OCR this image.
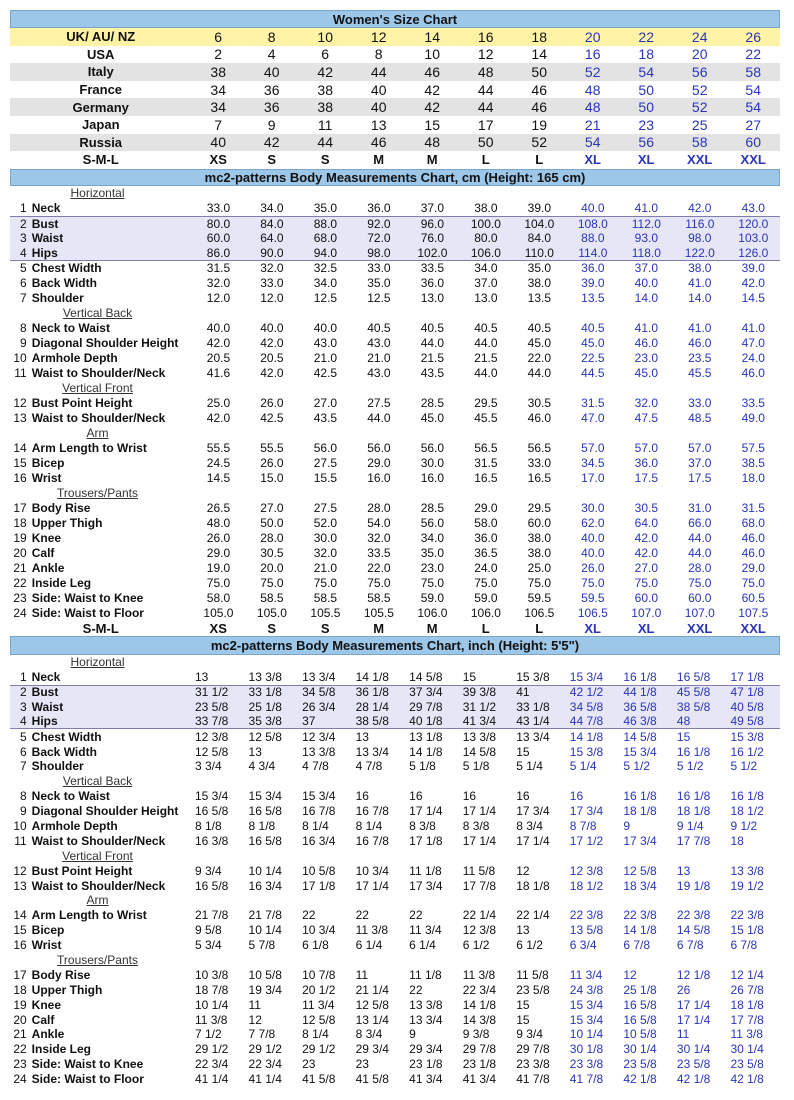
Women's Size Chart
UK/ AU/ NZ	6	8	10	12	14	16	18	20	22	24	26
USA	2	4	6	8	10	12	14	16	18	20	22
Italy	38	40	42	44	46	48	50	52	54	56	58
France	34	36	38	40	42	44	46	48	50	52	54
Germany	34	36	38	40	42	44	46	48	50	52	54
Japan	7	9	11	13	15	17	19	21	23	25	27
Russia	40	42	44	46	48	50	52	54	56	58	60
S-M-L	XS	S	S	M	M	L	L	XL	XL	XXL	XXL
mc2-patterns Body Measurements Chart, cm (Height: 165 cm)
Horizontal
1 Neck	33.0	34.0	35.0	36.0	37.0	38.0	39.0	40.0	41.0	42.0	43.0
2 Bust	80.0	84.0	88.0	92.0	96.0	100.0	104.0	108.0	112.0	116.0	120.0
3 Waist	60.0	64.0	68.0	72.0	76.0	80.0	84.0	88.0	93.0	98.0	103.0
4 Hips	86.0	90.0	94.0	98.0	102.0	106.0	110.0	114.0	118.0	122.0	126.0
5 Chest Width	31.5	32.0	32.5	33.0	33.5	34.0	35.0	36.0	37.0	38.0	39.0
6 Back Width	32.0	33.0	34.0	35.0	36.0	37.0	38.0	39.0	40.0	41.0	42.0
7 Shoulder	12.0	12.0	12.5	12.5	13.0	13.0	13.5	13.5	14.0	14.0	14.5
Vertical Back
8 Neck to Waist	40.0	40.0	40.0	40.5	40.5	40.5	40.5	40.5	41.0	41.0	41.0
9 Diagonal Shoulder Height	42.0	42.0	43.0	43.0	44.0	44.0	45.0	45.0	46.0	46.0	47.0
10 Armhole Depth	20.5	20.5	21.0	21.0	21.5	21.5	22.0	22.5	23.0	23.5	24.0
11 Waist to Shoulder/Neck	41.6	42.0	42.5	43.0	43.5	44.0	44.0	44.5	45.0	45.5	46.0
Vertical Front
12 Bust Point Height	25.0	26.0	27.0	27.5	28.5	29.5	30.5	31.5	32.0	33.0	33.5
13 Waist to Shoulder/Neck	42.0	42.5	43.5	44.0	45.0	45.5	46.0	47.0	47.5	48.5	49.0
Arm
14 Arm Length to Wrist	55.5	55.5	56.0	56.0	56.0	56.5	56.5	57.0	57.0	57.0	57.5
15 Bicep	24.5	26.0	27.5	29.0	30.0	31.5	33.0	34.5	36.0	37.0	38.5
16 Wrist	14.5	15.0	15.5	16.0	16.0	16.5	16.5	17.0	17.5	17.5	18.0
Trousers/Pants
17 Body Rise	26.5	27.0	27.5	28.0	28.5	29.0	29.5	30.0	30.5	31.0	31.5
18 Upper Thigh	48.0	50.0	52.0	54.0	56.0	58.0	60.0	62.0	64.0	66.0	68.0
19 Knee	26.0	28.0	30.0	32.0	34.0	36.0	38.0	40.0	42.0	44.0	46.0
20 Calf	29.0	30.5	32.0	33.5	35.0	36.5	38.0	40.0	42.0	44.0	46.0
21 Ankle	19.0	20.0	21.0	22.0	23.0	24.0	25.0	26.0	27.0	28.0	29.0
22 Inside Leg	75.0	75.0	75.0	75.0	75.0	75.0	75.0	75.0	75.0	75.0	75.0
23 Side: Waist to Knee	58.0	58.5	58.5	58.5	59.0	59.0	59.5	59.5	60.0	60.0	60.5
24 Side: Waist to Floor	105.0	105.0	105.5	105.5	106.0	106.0	106.5	106.5	107.0	107.0	107.5
S-M-L	XS	S	S	M	M	L	L	XL	XL	XXL	XXL
mc2-patterns Body Measurements Chart, inch (Height: 5'5")
Horizontal
1 Neck	13	13 3/8	13 3/4	14 1/8	14 5/8	15	15 3/8	15 3/4	16 1/8	16 5/8	17 1/8
2 Bust	31 1/2	33 1/8	34 5/8	36 1/8	37 3/4	39 3/8	41	42 1/2	44 1/8	45 5/8	47 1/8
3 Waist	23 5/8	25 1/8	26 3/4	28 1/4	29 7/8	31 1/2	33 1/8	34 5/8	36 5/8	38 5/8	40 5/8
4 Hips	33 7/8	35 3/8	37	38 5/8	40 1/8	41 3/4	43 1/4	44 7/8	46 3/8	48	49 5/8
5 Chest Width	12 3/8	12 5/8	12 3/4	13	13 1/8	13 3/8	13 3/4	14 1/8	14 5/8	15	15 3/8
6 Back Width	12 5/8	13	13 3/8	13 3/4	14 1/8	14 5/8	15	15 3/8	15 3/4	16 1/8	16 1/2
7 Shoulder	3 3/4	4 3/4	4 7/8	4 7/8	5 1/8	5 1/8	5 1/4	5 1/4	5 1/2	5 1/2	5 1/2
Vertical Back
8 Neck to Waist	15 3/4	15 3/4	15 3/4	16	16	16	16	16	16 1/8	16 1/8	16 1/8
9 Diagonal Shoulder Height	16 5/8	16 5/8	16 7/8	16 7/8	17 1/4	17 1/4	17 3/4	17 3/4	18 1/8	18 1/8	18 1/2
10 Armhole Depth	8 1/8	8 1/8	8 1/4	8 1/4	8 3/8	8 3/8	8 3/4	8 7/8	9	9 1/4	9 1/2
11 Waist to Shoulder/Neck	16 3/8	16 5/8	16 3/4	16 7/8	17 1/8	17 1/4	17 1/4	17 1/2	17 3/4	17 7/8	18
Vertical Front
12 Bust Point Height	9 3/4	10 1/4	10 5/8	10 3/4	11 1/8	11 5/8	12	12 3/8	12 5/8	13	13 3/8
13 Waist to Shoulder/Neck	16 5/8	16 3/4	17 1/8	17 1/4	17 3/4	17 7/8	18 1/8	18 1/2	18 3/4	19 1/8	19 1/2
Arm
14 Arm Length to Wrist	21 7/8	21 7/8	22	22	22	22 1/4	22 1/4	22 3/8	22 3/8	22 3/8	22 3/8
15 Bicep	9 5/8	10 1/4	10 3/4	11 3/8	11 3/4	12 3/8	13	13 5/8	14 1/8	14 5/8	15 1/8
16 Wrist	5 3/4	5 7/8	6 1/8	6 1/4	6 1/4	6 1/2	6 1/2	6 3/4	6 7/8	6 7/8	6 7/8
Trousers/Pants
17 Body Rise	10 3/8	10 5/8	10 7/8	11	11 1/8	11 3/8	11 5/8	11 3/4	12	12 1/8	12 1/4
18 Upper Thigh	18 7/8	19 3/4	20 1/2	21 1/4	22	22 3/4	23 5/8	24 3/8	25 1/8	26	26 7/8
19 Knee	10 1/4	11	11 3/4	12 5/8	13 3/8	14 1/8	15	15 3/4	16 5/8	17 1/4	18 1/8
20 Calf	11 3/8	12	12 5/8	13 1/4	13 3/4	14 3/8	15	15 3/4	16 5/8	17 1/4	17 7/8
21 Ankle	7 1/2	7 7/8	8 1/4	8 3/4	9	9 3/8	9 3/4	10 1/4	10 5/8	11	11 3/8
22 Inside Leg	29 1/2	29 1/2	29 1/2	29 3/4	29 3/4	29 7/8	29 7/8	30 1/8	30 1/4	30 1/4	30 1/4
23 Side: Waist to Knee	22 3/4	22 3/4	23	23	23 1/8	23 1/8	23 3/8	23 3/8	23 5/8	23 5/8	23 5/8
24 Side: Waist to Floor	41 1/4	41 1/4	41 5/8	41 5/8	41 3/4	41 3/4	41 7/8	41 7/8	42 1/8	42 1/8	42 1/8
